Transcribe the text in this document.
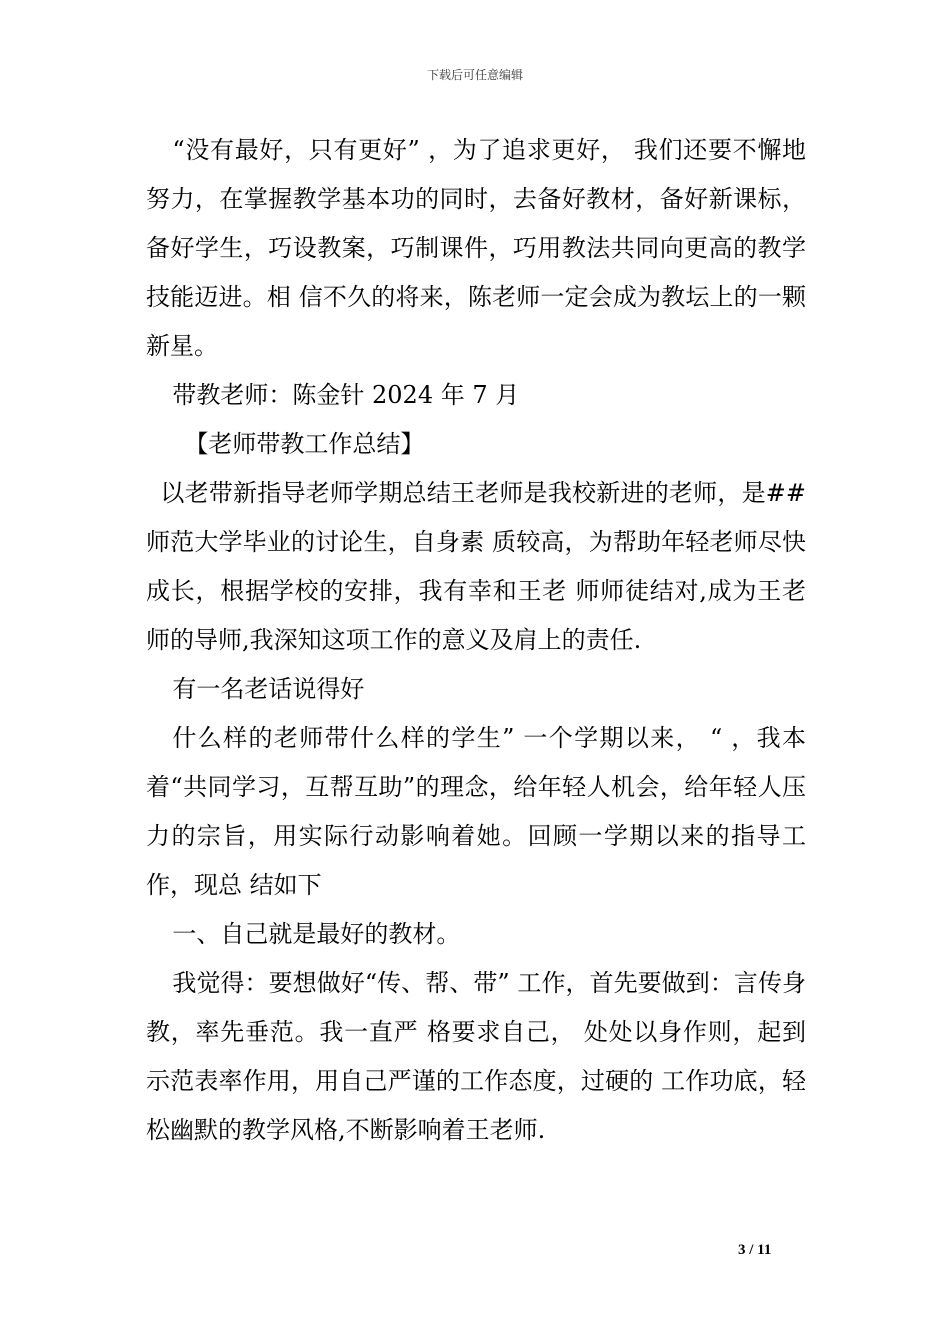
下载后可任意编辑

“没有最好，只有更好” ，为了追求更好， 我们还要不懈地努力，在掌握教学基本功的同时，去备好教材，备好新课标， 备好学生，巧设教案，巧制课件，巧用教法共同向更高的教学技能迈进。相 信不久的将来，陈老师一定会成为教坛上的一颗新星。

带教老师：陈金针 2024 年 7 月

【老师带教工作总结】

以老带新指导老师学期总结王老师是我校新进的老师，是##师范大学毕业的讨论生，自身素 质较高，为帮助年轻老师尽快成长，根据学校的安排，我有幸和王老 师师徒结对,成为王老师的导师,我深知这项工作的意义及肩上的责任.

有一名老话说得好

什么样的老师带什么样的学生” 一个学期以来， “ ，我本着“共同学习，互帮互助”的理念，给年轻人机会，给年轻人压 力的宗旨，用实际行动影响着她。回顾一学期以来的指导工作，现总 结如下

一、自己就是最好的教材。

我觉得：要想做好“传、帮、带” 工作，首先要做到：言传身教，率先垂范。我一直严 格要求自己， 处处以身作则，起到示范表率作用，用自己严谨的工作态度，过硬的 工作功底，轻松幽默的教学风格,不断影响着王老师.

3 / 11
